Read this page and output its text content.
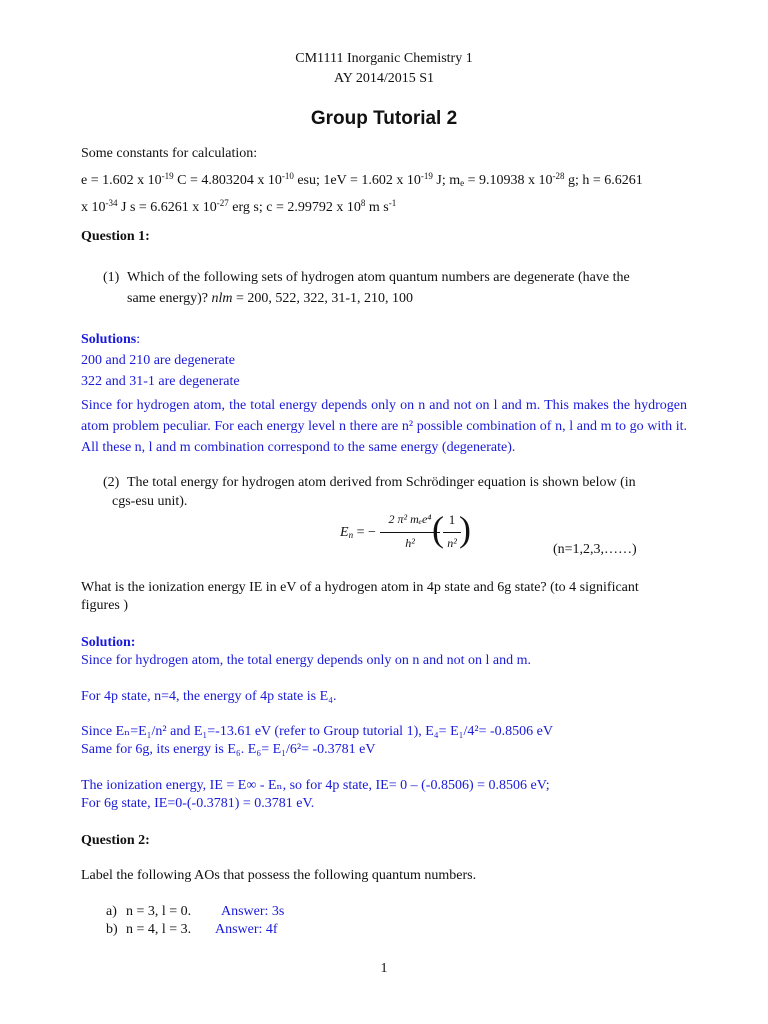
CM1111 Inorganic Chemistry 1
AY 2014/2015 S1
Group Tutorial 2
Some constants for calculation:
e = 1.602 x $10^{-19}$ C = 4.803204 x $10^{-10}$ esu; 1eV = 1.602 x $10^{-19}$ J; $m_e = 9.10938$ x $10^{-28}$ g; h = 6.6261
x $10^{-34}$ J s = 6.6261 x $10^{-27}$ erg s; c = 2.99792 x $10^8$ m $s^{-1}$
Question 1:
(1) Which of the following sets of hydrogen atom quantum numbers are degenerate (have the
same energy)? nlm = 200, 522, 322, 31-1, 210, 100
Solutions:
200 and 210 are degenerate
322 and 31-1 are degenerate
Since for hydrogen atom, the total energy depends only on n and not on l and m. This makes the hydrogen atom problem peculiar. For each energy level n there are n² possible combination of n, l and m to go with it. All these n, l and m combination correspond to the same energy (degenerate).
(2) The total energy for hydrogen atom derived from Schrödinger equation is shown below (in
cgs-esu unit).
$E_n$ = −
2 π² mₑe⁴
h² ( 1
n² )
(n=1,2,3,……)
What is the ionization energy IE in eV of a hydrogen atom in 4p state and 6g state? (to 4 significant
figures )
Solution:
Since for hydrogen atom, the total energy depends only on n and not on l and m.
For 4p state, n=4, the energy of 4p state is E₄.
Since Eₙ=E₁/n² and E₁=-13.61 eV (refer to Group tutorial 1), E₄= E₁/4²= -0.8506 eV
Same for 6g, its energy is E₆. E₆= E₁/6²= -0.3781 eV
The ionization energy, IE = E∞ - Eₙ, so for 4p state, IE= 0 – (-0.8506) = 0.8506 eV;
For 6g state, IE=0-(-0.3781) = 0.3781 eV.
Question 2:
Label the following AOs that possess the following quantum numbers.
a) n = 3, l = 0. Answer: 3s
b) n = 4, l = 3. Answer: 4f
1
